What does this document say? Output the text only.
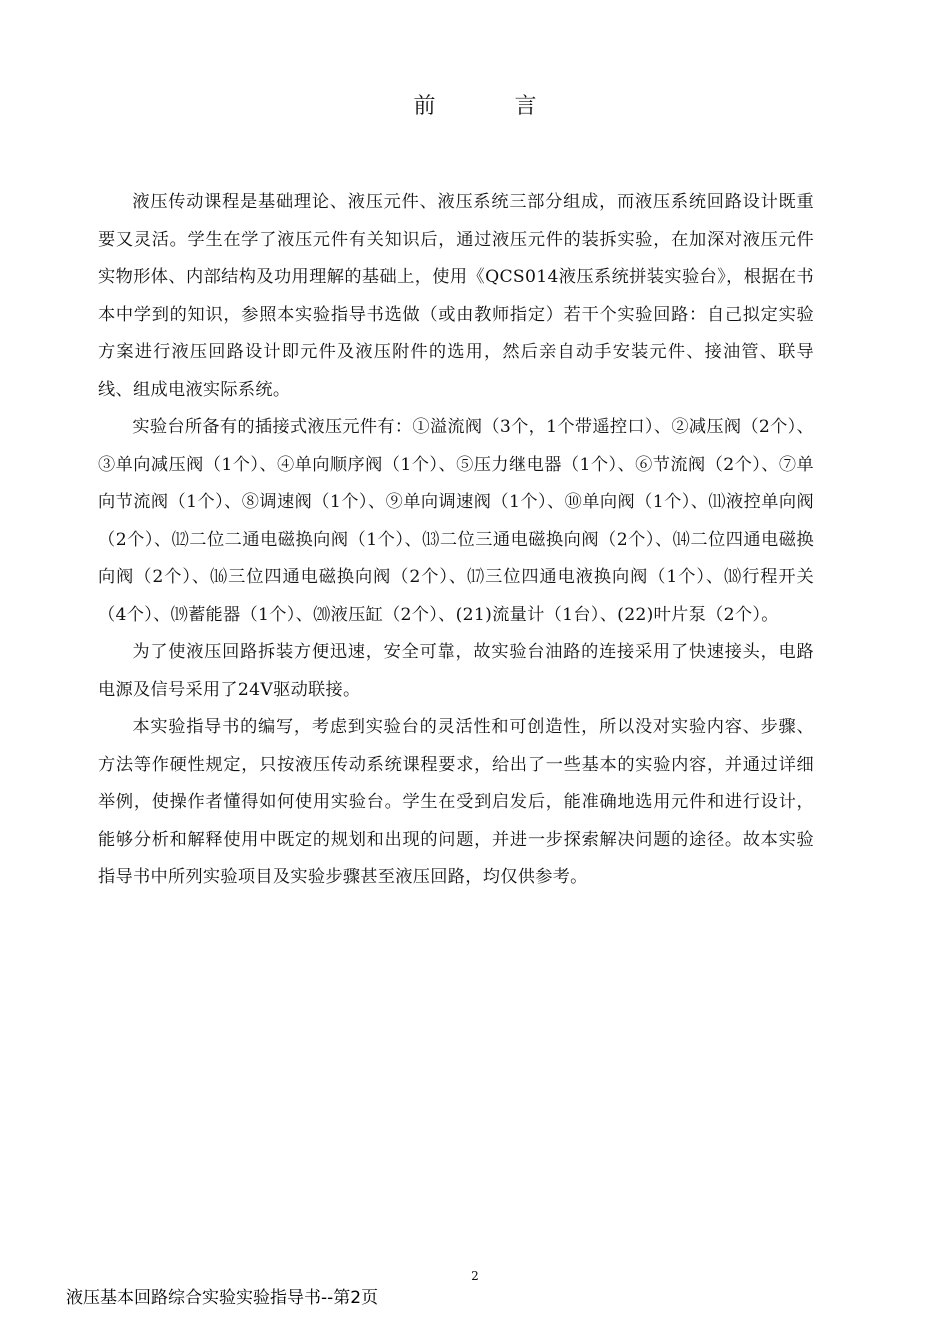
前 言

液压传动课程是基础理论、液压元件、液压系统三部分组成，而液压系统回路设计既重要又灵活。学生在学了液压元件有关知识后，通过液压元件的装拆实验，在加深对液压元件实物形体、内部结构及功用理解的基础上，使用《QCS014液压系统拼装实验台》，根据在书本中学到的知识，参照本实验指导书选做（或由教师指定）若干个实验回路：自己拟定实验方案进行液压回路设计即元件及液压附件的选用，然后亲自动手安装元件、接油管、联导线、组成电液实际系统。

实验台所备有的插接式液压元件有：①溢流阀（3个，1个带遥控口）、②减压阀（2个）、③单向减压阀（1个）、④单向顺序阀（1个）、⑤压力继电器（1个）、⑥节流阀（2个）、⑦单向节流阀（1个）、⑧调速阀（1个）、⑨单向调速阀（1个）、⑩单向阀（1个）、⑾液控单向阀（2个）、⑿二位二通电磁换向阀（1个）、⒀二位三通电磁换向阀（2个）、⒁二位四通电磁换向阀（2个）、⒃三位四通电磁换向阀（2个）、⒄三位四通电液换向阀（1个）、⒅行程开关（4个）、⒆蓄能器（1个）、⒇液压缸（2个）、(21)流量计（1台）、(22)叶片泵（2个）。

为了使液压回路拆装方便迅速，安全可靠，故实验台油路的连接采用了快速接头，电路电源及信号采用了24V驱动联接。

本实验指导书的编写，考虑到实验台的灵活性和可创造性，所以没对实验内容、步骤、方法等作硬性规定，只按液压传动系统课程要求，给出了一些基本的实验内容，并通过详细举例，使操作者懂得如何使用实验台。学生在受到启发后，能准确地选用元件和进行设计，能够分析和解释使用中既定的规划和出现的问题，并进一步探索解决问题的途径。故本实验指导书中所列实验项目及实验步骤甚至液压回路，均仅供参考。

2
液压基本回路综合实验实验指导书--第2页
